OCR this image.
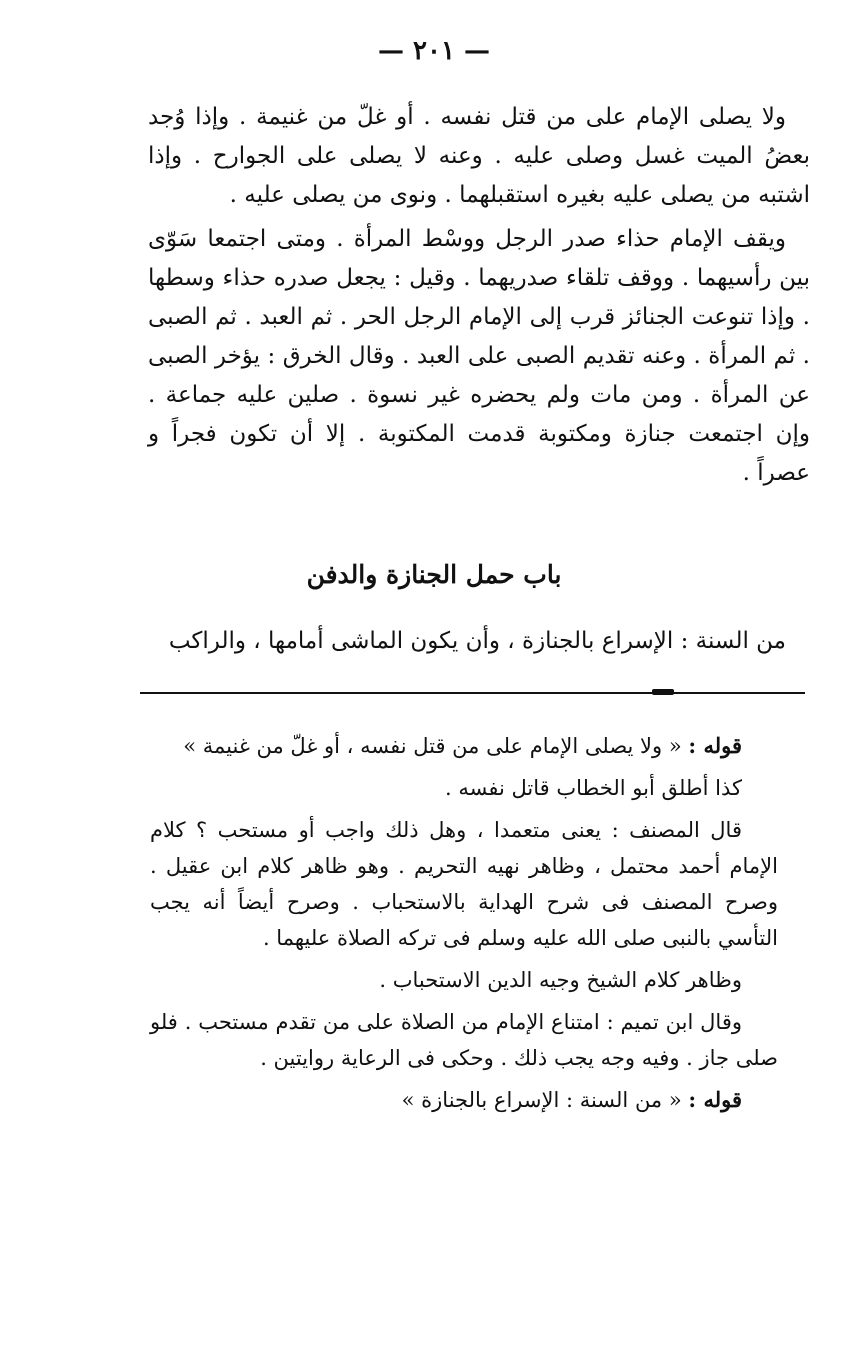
— ٢٠١ —

ولا يصلى الإمام على من قتل نفسه . أو غلّ من غنيمة . وإذا وُجد بعضُ الميت غسل وصلى عليه . وعنه لا يصلى على الجوارح . وإذا اشتبه من يصلى عليه بغيره استقبلهما . ونوى من يصلى عليه .

ويقف الإمام حذاء صدر الرجل ووسْط المرأة . ومتى اجتمعا سَوّى بين رأسيهما . ووقف تلقاء صدريهما . وقيل : يجعل صدره حذاء وسطها . وإذا تنوعت الجنائز قرب إلى الإمام الرجل الحر . ثم العبد . ثم الصبى . ثم المرأة . وعنه تقديم الصبى على العبد . وقال الخرق : يؤخر الصبى عن المرأة . ومن مات ولم يحضره غير نسوة . صلين عليه جماعة . وإن اجتمعت جنازة ومكتوبة قدمت المكتوبة . إلا أن تكون فجراً و عصراً .

باب حمل الجنازة والدفن
من السنة : الإسراع بالجنازة ، وأن يكون الماشى أمامها ، والراكب

قوله : « ولا يصلى الإمام على من قتل نفسه ، أو غلّ من غنيمة »

كذا أطلق أبو الخطاب قاتل نفسه .

قال المصنف : يعنى متعمدا ، وهل ذلك واجب أو مستحب ؟ كلام الإمام أحمد محتمل ، وظاهر نهيه التحريم . وهو ظاهر كلام ابن عقيل . وصرح المصنف فى شرح الهداية بالاستحباب . وصرح أيضاً أنه يجب التأسي بالنبى صلى الله عليه وسلم فى تركه الصلاة عليهما .

وظاهر كلام الشيخ وجيه الدين الاستحباب .

وقال ابن تميم : امتناع الإمام من الصلاة على من تقدم مستحب . فلو صلى جاز . وفيه وجه يجب ذلك . وحكى فى الرعاية روايتين .

قوله : « من السنة : الإسراع بالجنازة »
